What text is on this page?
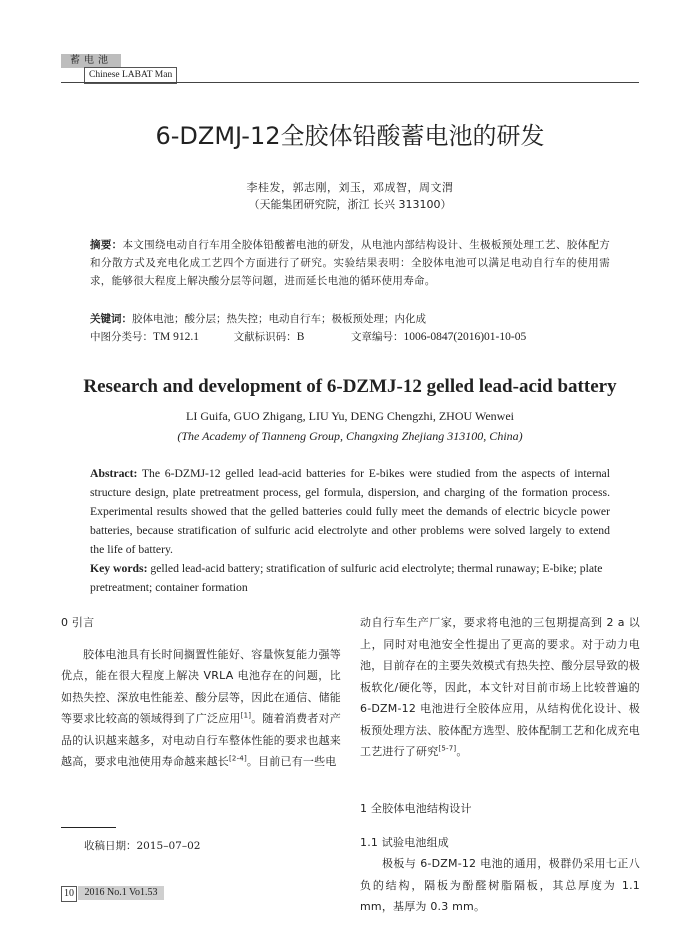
蓄电池
Chinese LABAT Man
6-DZMJ-12全胶体铅酸蓄电池的研发
李桂发，郭志刚，刘玉，邓成智，周文渭
（天能集团研究院，浙江 长兴 313100）
摘要：本文围绕电动自行车用全胶体铅酸蓄电池的研发，从电池内部结构设计、生极板预处理工艺、胶体配方和分散方式及充电化成工艺四个方面进行了研究。实验结果表明：全胶体电池可以满足电动自行车的使用需求，能够很大程度上解决酸分层等问题，进而延长电池的循环使用寿命。
关键词：胶体电池；酸分层；热失控；电动自行车；极板预处理；内化成
中图分类号：TM 912.1	文献标识码：B	文章编号：1006-0847(2016)01-10-05
Research and development of 6-DZMJ-12 gelled lead-acid battery
LI Guifa, GUO Zhigang, LIU Yu, DENG Chengzhi, ZHOU Wenwei
(The Academy of Tianneng Group, Changxing Zhejiang 313100, China)
Abstract: The 6-DZMJ-12 gelled lead-acid batteries for E-bikes were studied from the aspects of internal structure design, plate pretreatment process, gel formula, dispersion, and charging of the formation process. Experimental results showed that the gelled batteries could fully meet the demands of electric bicycle power batteries, because stratification of sulfuric acid electrolyte and other problems were solved largely to extend the life of battery.
Key words: gelled lead-acid battery; stratification of sulfuric acid electrolyte; thermal runaway; E-bike; plate pretreatment; container formation

0 引言

胶体电池具有长时间搁置性能好、容量恢复能力强等优点，能在很大程度上解决 VRLA 电池存在的问题，比如热失控、深放电性能差、酸分层等，因此在通信、储能等要求比较高的领域得到了广泛应用[1]。随着消费者对产品的认识越来越多，对电动自行车整体性能的要求也越来越高，要求电池使用寿命越来越长[2-4]。目前已有一些电

1 全胶体电池结构设计

1.1 试验电池组成

极板与 6-DZM-12 电池的通用，极群仍采用七正八负的结构，隔板为酚醛树脂隔板，其总厚度为 1.1 mm，基厚为 0.3 mm。

收稿日期：2015–07–02
10	2016 No.1 Vo1.53

动自行车生产厂家，要求将电池的三包期提高到 2 a 以上，同时对电池安全性提出了更高的要求。对于动力电池，目前存在的主要失效模式有热失控、酸分层导致的极板软化/硬化等，因此，本文针对目前市场上比较普遍的 6-DZM-12 电池进行全胶体应用，从结构优化设计、极板预处理方法、胶体配方选型、胶体配制工艺和化成充电工艺进行了研究[5-7]。
